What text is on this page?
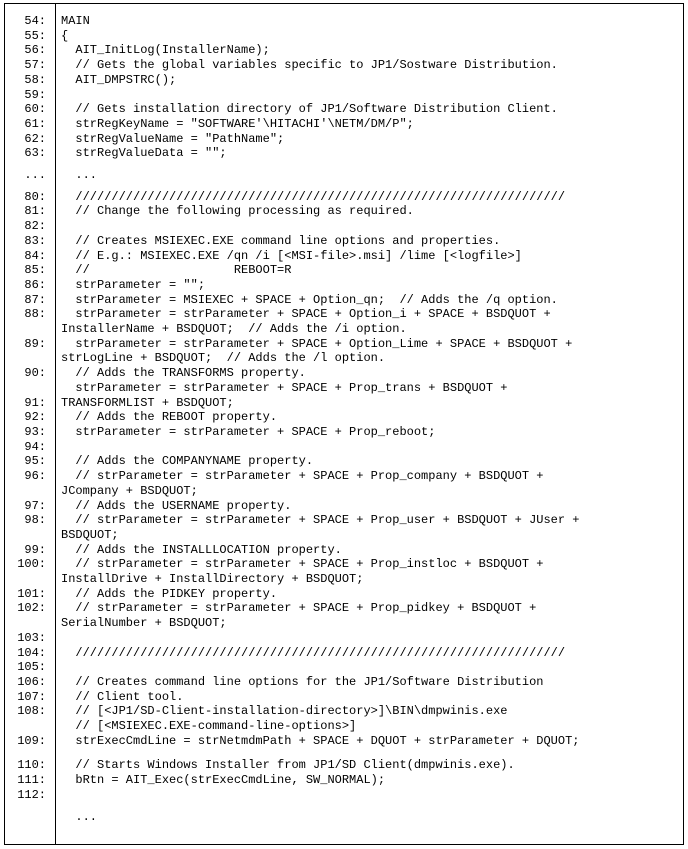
54: MAIN
55: {
56: AIT_InitLog(InstallerName);
57: // Gets the global variables specific to JP1/Sostware Distribution.
58: AIT_DMPSTRC();
59:
60: // Gets installation directory of JP1/Software Distribution Client.
61: strRegKeyName = "SOFTWARE'\HITACHI'\NETM/DM/P";
62: strRegValueName = "PathName";
63: strRegValueData = "";
... ...
80: ////////////////////////////////////////////////////////////////////
81: // Change the following processing as required.
82:
83: // Creates MSIEXEC.EXE command line options and properties.
84: // E.g.: MSIEXEC.EXE /qn /i [<MSI-file>.msi] /lime [<logfile>]
85: //                    REBOOT=R
86: strParameter = "";
87: strParameter = MSIEXEC + SPACE + Option_qn;  // Adds the /q option.
88: strParameter = strParameter + SPACE + Option_i + SPACE + BSDQUOT +
InstallerName + BSDQUOT;  // Adds the /i option.
89: strParameter = strParameter + SPACE + Option_Lime + SPACE + BSDQUOT +
strLogLine + BSDQUOT;  // Adds the /l option.
90: // Adds the TRANSFORMS property.
strParameter = strParameter + SPACE + Prop_trans + BSDQUOT +
91: TRANSFORMLIST + BSDQUOT;
92: // Adds the REBOOT property.
93: strParameter = strParameter + SPACE + Prop_reboot;
94:
95: // Adds the COMPANYNAME property.
96: // strParameter = strParameter + SPACE + Prop_company + BSDQUOT +
JCompany + BSDQUOT;
97: // Adds the USERNAME property.
98: // strParameter = strParameter + SPACE + Prop_user + BSDQUOT + JUser +
BSDQUOT;
99: // Adds the INSTALLLOCATION property.
100: // strParameter = strParameter + SPACE + Prop_instloc + BSDQUOT +
InstallDrive + InstallDirectory + BSDQUOT;
101: // Adds the PIDKEY property.
102: // strParameter = strParameter + SPACE + Prop_pidkey + BSDQUOT +
SerialNumber + BSDQUOT;
103:
104: ////////////////////////////////////////////////////////////////////
105:
106: // Creates command line options for the JP1/Software Distribution
107: // Client tool.
108: // [<JP1/SD-Client-installation-directory>]\BIN\dmpwinis.exe
// [<MSIEXEC.EXE-command-line-options>]
109: strExecCmdLine = strNetmdmPath + SPACE + DQUOT + strParameter + DQUOT;
110: // Starts Windows Installer from JP1/SD Client(dmpwinis.exe).
111: bRtn = AIT_Exec(strExecCmdLine, SW_NORMAL);
112:
...
